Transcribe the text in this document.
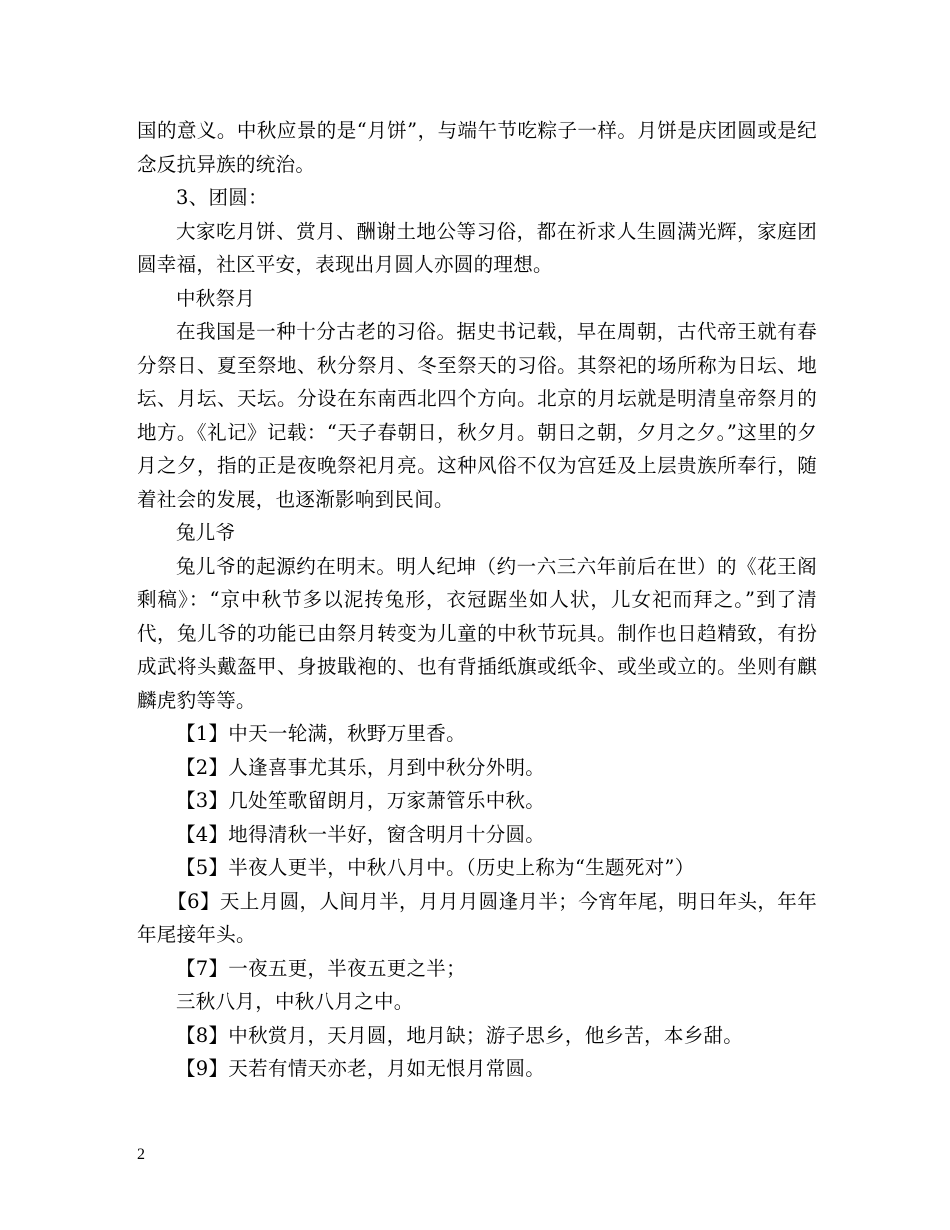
国的意义。中秋应景的是“月饼”，与端午节吃粽子一样。月饼是庆团圆或是纪念反抗异族的统治。

3、团圆：

大家吃月饼、赏月、酬谢土地公等习俗，都在祈求人生圆满光辉，家庭团圆幸福，社区平安，表现出月圆人亦圆的理想。

中秋祭月

在我国是一种十分古老的习俗。据史书记载，早在周朝，古代帝王就有春分祭日、夏至祭地、秋分祭月、冬至祭天的习俗。其祭祀的场所称为日坛、地坛、月坛、天坛。分设在东南西北四个方向。北京的月坛就是明清皇帝祭月的地方。《礼记》记载：“天子春朝日，秋夕月。朝日之朝，夕月之夕。”这里的夕月之夕，指的正是夜晚祭祀月亮。这种风俗不仅为宫廷及上层贵族所奉行，随着社会的发展，也逐渐影响到民间。

兔儿爷

兔儿爷的起源约在明末。明人纪坤（约一六三六年前后在世）的《花王阁剩稿》：“京中秋节多以泥抟兔形，衣冠踞坐如人状，儿女祀而拜之。”到了清代，兔儿爷的功能已由祭月转变为儿童的中秋节玩具。制作也日趋精致，有扮成武将头戴盔甲、身披戢袍的、也有背插纸旗或纸伞、或坐或立的。坐则有麒麟虎豹等等。

【1】中天一轮满，秋野万里香。

【2】人逢喜事尤其乐，月到中秋分外明。

【3】几处笙歌留朗月，万家萧管乐中秋。

【4】地得清秋一半好，窗含明月十分圆。

【5】半夜人更半，中秋八月中。（历史上称为“生题死对”）

【6】天上月圆，人间月半，月月月圆逢月半；今宵年尾，明日年头，年年年尾接年头。

【7】一夜五更，半夜五更之半；

三秋八月，中秋八月之中。

【8】中秋赏月，天月圆，地月缺；游子思乡，他乡苦，本乡甜。

【9】天若有情天亦老，月如无恨月常圆。

2
